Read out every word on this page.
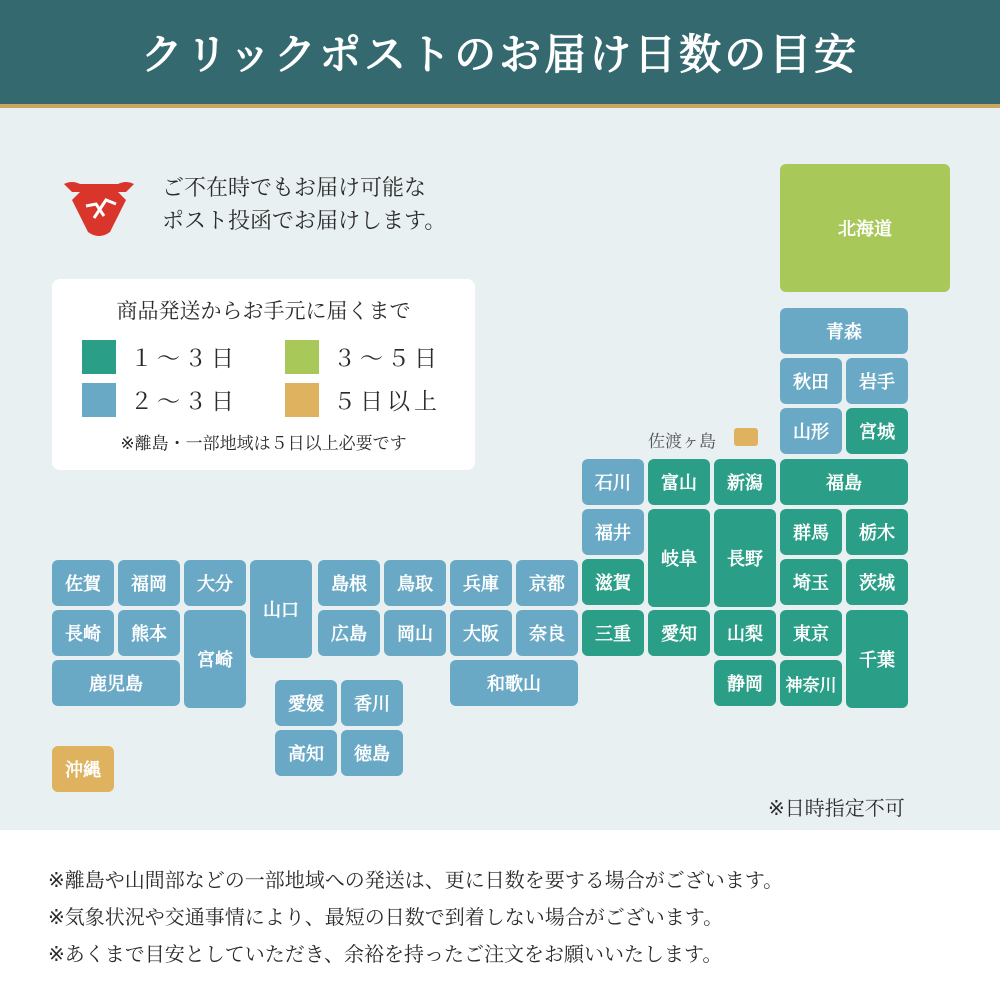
クリックポストのお届け日数の目安
ご不在時でもお届け可能な
ポスト投函でお届けします。
商品発送からお手元に届くまで
１～３日	３～５日
２～３日	５日以上
※離島・一部地域は５日以上必要です
北海道
青森
秋田	岩手
山形	宮城
佐渡ヶ島
石川	富山	新潟	福島
福井
岐阜	長野
群馬	栃木
滋賀	埼玉	茨城
三重	愛知	山梨	東京
千葉
静岡	神奈川
佐賀	福岡	大分
山口
島根	鳥取	兵庫	京都
長崎	熊本
宮崎
広島	岡山	大阪	奈良
鹿児島	和歌山
愛媛	香川
高知	徳島
沖縄
※日時指定不可
※離島や山間部などの一部地域への発送は、更に日数を要する場合がございます。
※気象状況や交通事情により、最短の日数で到着しない場合がございます。
※あくまで目安としていただき、余裕を持ったご注文をお願いいたします。
